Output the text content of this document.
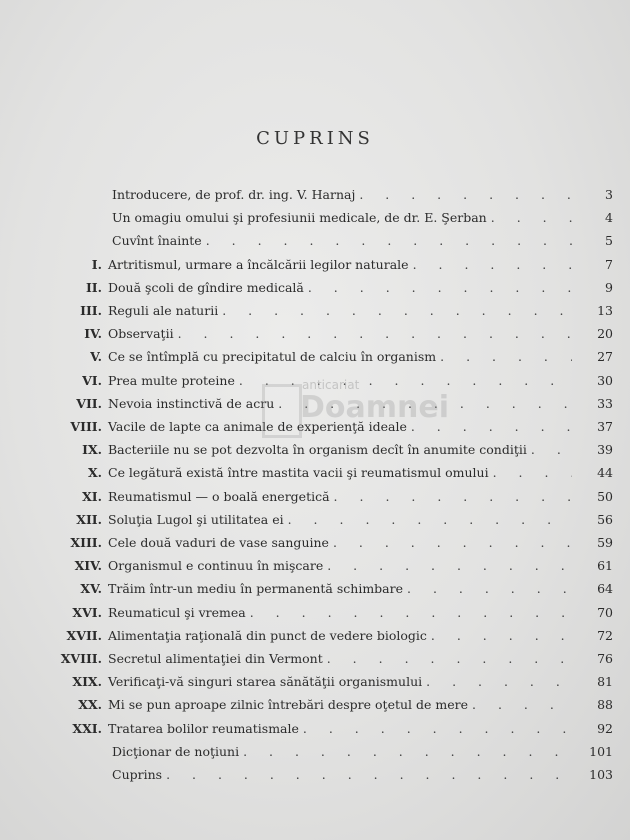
CUPRINS
Introducere, de prof. dr. ing. V. Harnaj . . .	3
Un omagiu omului şi profesiunii medicale, de dr. E. Şerban . . .	4
Cuvînt înainte . . .	5
I. Artritismul, urmare a încălcării legilor naturale . . .	7
II. Două şcoli de gîndire medicală . . .	9
III. Reguli ale naturii . . .	13
IV. Observaţii . . .	20
V. Ce se întîmplă cu precipitatul de calciu în organism . . .	27
VI. Prea multe proteine . . .	30
VII. Nevoia instinctivă de acru . . .	33
VIII. Vacile de lapte ca animale de experienţă ideale . . .	37
IX. Bacteriile nu se pot dezvolta în organism decît în anumite condiţii . . .	39
X. Ce legătură există între mastita vacii şi reumatismul omului . . .	44
XI. Reumatismul — o boală energetică . . .	50
XII. Soluţia Lugol şi utilitatea ei . . .	56
XIII. Cele două vaduri de vase sanguine . . .	59
XIV. Organismul e continuu în mişcare . . .	61
XV. Trăim într-un mediu în permanentă schimbare . . .	64
XVI. Reumaticul şi vremea . . .	70
XVII. Alimentaţia raţională din punct de vedere biologic . . .	72
XVIII. Secretul alimentaţiei din Vermont . . .	76
XIX. Verificaţi-vă singuri starea sănătăţii organismului . . .	81
XX. Mi se pun aproape zilnic întrebări despre oţetul de mere . . .	88
XXI. Tratarea bolilor reumatismale . . .	92
Dicţionar de noţiuni . . .	101
Cuprins . . .	103
anticariat
Doamnei
